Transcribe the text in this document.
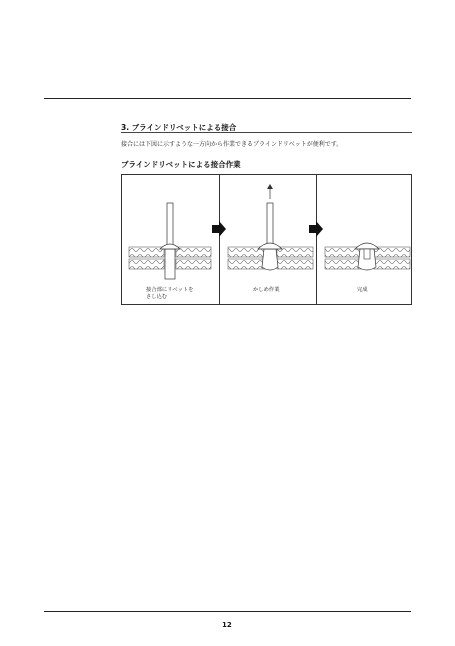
3. ブラインドリベットによる接合
接合には下図に示すような一方向から作業できるブラインドリベットが便利です。
ブラインドリベットによる接合作業
接合部にリベットを
さし込む
かしめ作業	完成
12
